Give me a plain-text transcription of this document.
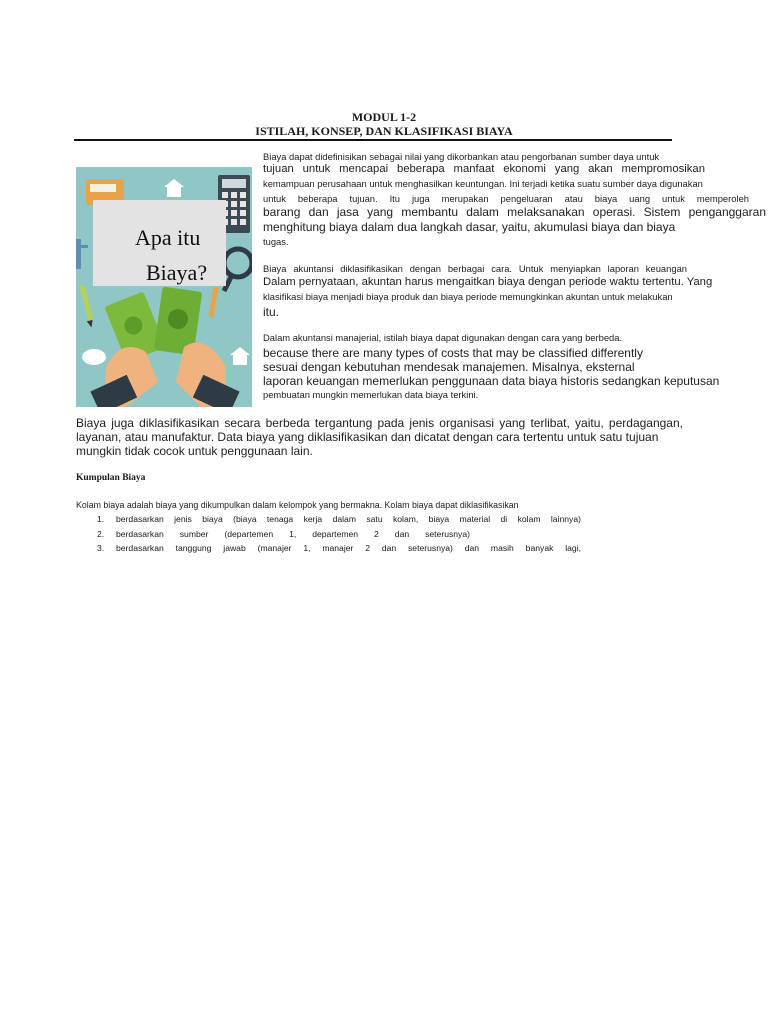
MODUL 1-2
ISTILAH, KONSEP, DAN KLASIFIKASI BIAYA
Apa itu
Biaya?

Biaya dapat didefinisikan sebagai nilai yang dikorbankan atau pengorbanan sumber daya untuk

tujuan untuk mencapai beberapa manfaat ekonomi yang akan mempromosikan

kemampuan perusahaan untuk menghasilkan keuntungan. Ini terjadi ketika suatu sumber daya digunakan

untuk beberapa tujuan. Itu juga merupakan pengeluaran atau biaya uang untuk memperoleh

barang dan jasa yang membantu dalam melaksanakan operasi. Sistem penganggaran

menghitung biaya dalam dua langkah dasar, yaitu, akumulasi biaya dan biaya

tugas.

Biaya akuntansi diklasifikasikan dengan berbagai cara. Untuk menyiapkan laporan keuangan

Dalam pernyataan, akuntan harus mengaitkan biaya dengan periode waktu tertentu. Yang

klasifikasi biaya menjadi biaya produk dan biaya periode memungkinkan akuntan untuk melakukan

itu.

Dalam akuntansi manajerial, istilah biaya dapat digunakan dengan cara yang berbeda.

because there are many types of costs that may be classified differently

sesuai dengan kebutuhan mendesak manajemen. Misalnya, eksternal

laporan keuangan memerlukan penggunaan data biaya historis sedangkan keputusan

pembuatan mungkin memerlukan data biaya terkini.

Biaya juga diklasifikasikan secara berbeda tergantung pada jenis organisasi yang terlibat, yaitu, perdagangan,

layanan, atau manufaktur. Data biaya yang diklasifikasikan dan dicatat dengan cara tertentu untuk satu tujuan

mungkin tidak cocok untuk penggunaan lain.

Kumpulan Biaya

Kolam biaya adalah biaya yang dikumpulkan dalam kelompok yang bermakna. Kolam biaya dapat diklasifikasikan

1.	berdasarkan jenis biaya (biaya tenaga kerja dalam satu kolam, biaya material di kolam lainnya)
2.	berdasarkan sumber (departemen 1, departemen 2 dan seterusnya)
3.	berdasarkan tanggung jawab (manajer 1, manajer 2 dan seterusnya) dan masih banyak lagi,
